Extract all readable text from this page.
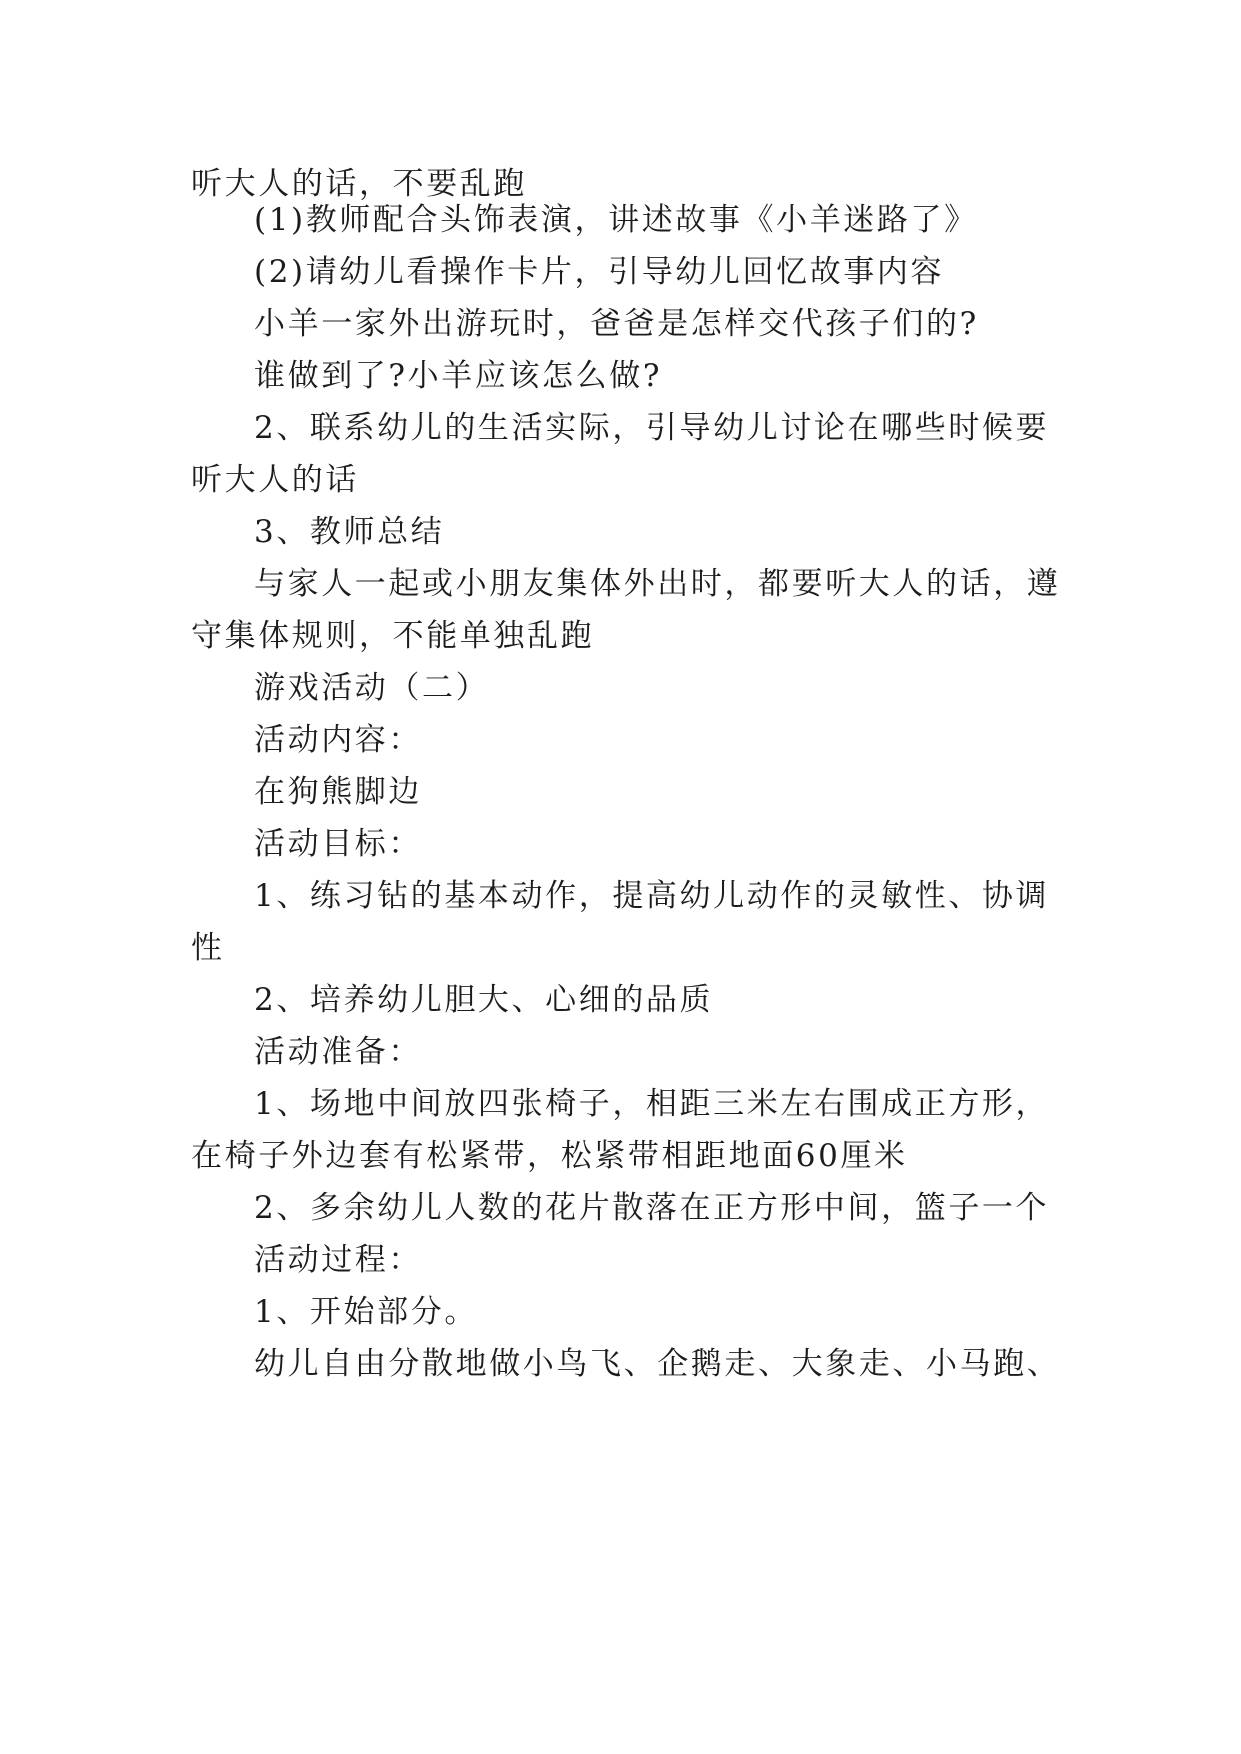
听大人的话，不要乱跑

(1)教师配合头饰表演，讲述故事《小羊迷路了》

(2)请幼儿看操作卡片，引导幼儿回忆故事内容

小羊一家外出游玩时，爸爸是怎样交代孩子们的?

谁做到了?小羊应该怎么做?

2、联系幼儿的生活实际，引导幼儿讨论在哪些时候要

听大人的话

3、教师总结

与家人一起或小朋友集体外出时，都要听大人的话，遵

守集体规则，不能单独乱跑

游戏活动（二）

活动内容：

在狗熊脚边

活动目标：

1、练习钻的基本动作，提高幼儿动作的灵敏性、协调

性

2、培养幼儿胆大、心细的品质

活动准备：

1、场地中间放四张椅子，相距三米左右围成正方形，

在椅子外边套有松紧带，松紧带相距地面60厘米

2、多余幼儿人数的花片散落在正方形中间，篮子一个

活动过程：

1、开始部分。

幼儿自由分散地做小鸟飞、企鹅走、大象走、小马跑、
